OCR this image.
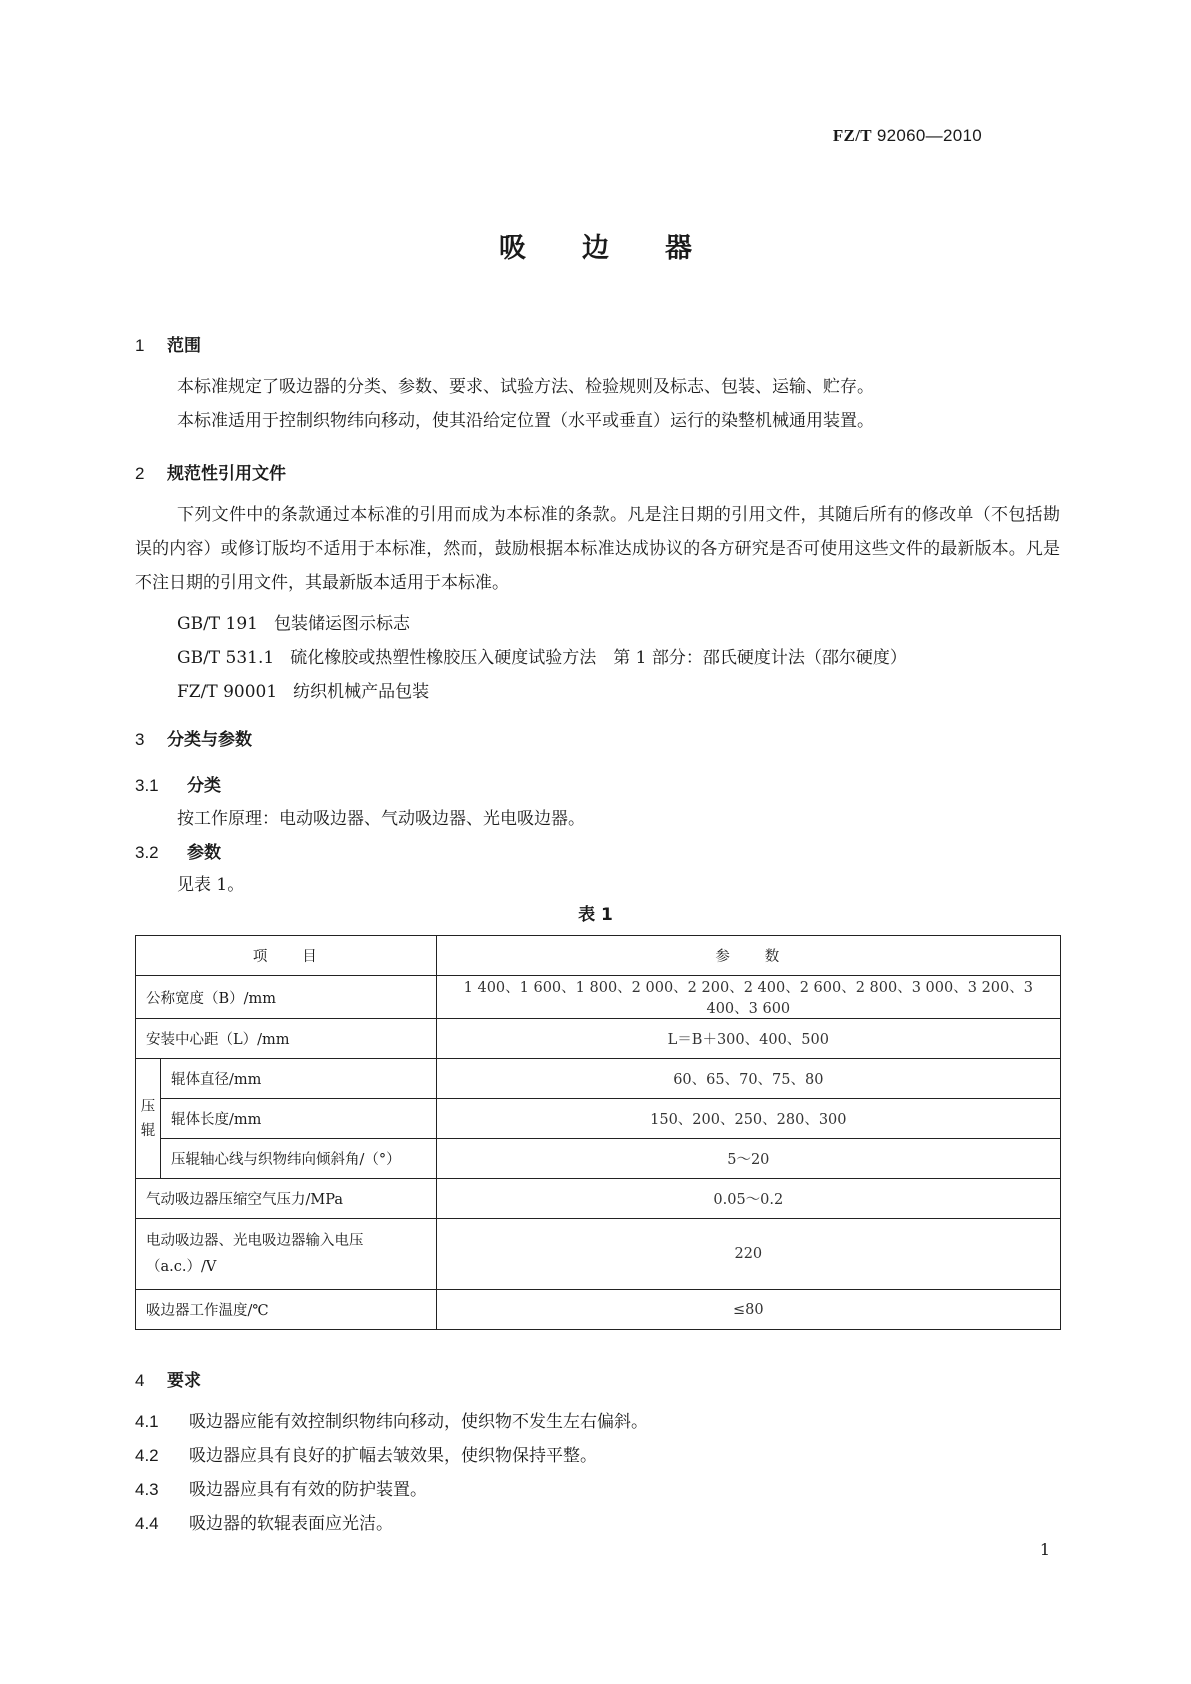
FZ/T 92060—2010
吸 边 器
1 范围
本标准规定了吸边器的分类、参数、要求、试验方法、检验规则及标志、包装、运输、贮存。
本标准适用于控制织物纬向移动，使其沿给定位置（水平或垂直）运行的染整机械通用装置。
2 规范性引用文件
下列文件中的条款通过本标准的引用而成为本标准的条款。凡是注日期的引用文件，其随后所有的修改单（不包括勘误的内容）或修订版均不适用于本标准，然而，鼓励根据本标准达成协议的各方研究是否可使用这些文件的最新版本。凡是不注日期的引用文件，其最新版本适用于本标准。
GB/T 191 包装储运图示标志
GB/T 531.1 硫化橡胶或热塑性橡胶压入硬度试验方法　第 1 部分：邵氏硬度计法（邵尔硬度）
FZ/T 90001 纺织机械产品包装
3 分类与参数
3.1 分类
按工作原理：电动吸边器、气动吸边器、光电吸边器。
3.2 参数
见表 1。
表 1
项　　目		参　　数
公称宽度（B）/mm		1 400、1 600、1 800、2 000、2 200、2 400、2 600、2 800、3 000、3 200、3 400、3 600
安装中心距（L）/mm		L＝B＋300、400、500
压辊	辊体直径/mm	60、65、70、75、80
	辊体长度/mm	150、200、250、280、300
	压辊轴心线与织物纬向倾斜角/（°）	5～20
气动吸边器压缩空气压力/MPa		0.05～0.2
电动吸边器、光电吸边器输入电压（a.c.）/V		220
吸边器工作温度/℃		≤80
4 要求
4.1 吸边器应能有效控制织物纬向移动，使织物不发生左右偏斜。
4.2 吸边器应具有良好的扩幅去皱效果，使织物保持平整。
4.3 吸边器应具有有效的防护装置。
4.4 吸边器的软辊表面应光洁。
1
